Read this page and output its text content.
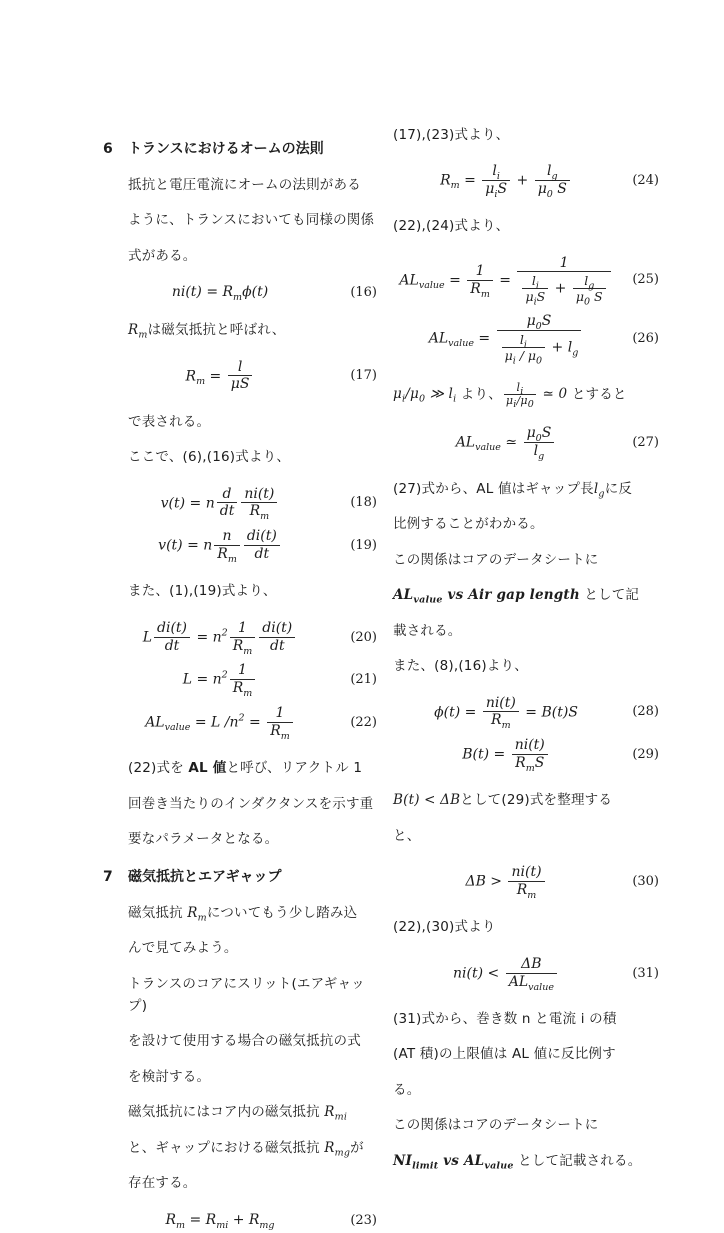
6	トランスにおけるオームの法則

抵抗と電圧電流にオームの法則がある

ように、トランスにおいても同様の関係

式がある。

$ni(t) = R_m\phi(t)$	(16)

$R_m$は磁気抵抗と呼ばれ、

$R_m = \frac{l}{\mu S}$	(17)

で表される。

ここで、(6),(16)式より、

v(t) = n $\frac{d}{dt} \frac{ni(t)}{R_m}$	(18)
v(t) = n $\frac{n}{R_m} \frac{di(t)}{dt}$	(19)

また、(1),(19)式より、

L $\frac{di(t)}{dt} = n^2 \frac{1}{R_m} \frac{di(t)}{dt}$	(20)
$L = n^2 \frac{1}{R_m}$	(21)
$AL_{value} = L$ $/n^2 = \frac{1}{R_m}$	(22)

(22)式を AL 値と呼び、リアクトル 1

回巻き当たりのインダクタンスを示す重

要なパラメータとなる。

7	磁気抵抗とエアギャップ

磁気抵抗 $R_m$についてもう少し踏み込

んで見てみよう。

トランスのコアにスリット(エアギャップ)

を設けて使用する場合の磁気抵抗の式

を検討する。

磁気抵抗にはコア内の磁気抵抗 $R_{mi}$

と、ギャップにおける磁気抵抗 $R_{mg}$が

存在する。

$R_m = R_{mi} + R_{mg}$	(23)

(17),(23)式より、

$R_m$ =
$l_i$
$\mu_iS$
+ $\frac{l_g}{\mu_0 S}$	(24)

(22),(24)式より、

$AL_{value} = \frac{1}{R_m}$ =
1
$l_i$
$\mu_iS + \frac{l_g}{\mu_0 S}$	(25)
$AL_{value}$ =
$\mu_0S$
$\frac{l_i}{\mu_i / \mu_0} + l_g$
(26)

$\mu_i/\mu_0$ ≫ $l_i$ より、 $\frac{l_i}{\mu_i/\mu_0}$ ≃ 0 とすると

$AL_{value}$ ≃ $\frac{\mu_0S}{l_g}$	(27)

(27)式から、AL 値はギャップ長$l_g$に反

比例することがわかる。

この関係はコアのデータシートに

$AL_{value}$ vs Air gap length として記

載される。

また、(8),(16)より、

$\phi(t) = \frac{ni(t)}{R_m} = B(t)S$	(28)
B(t) =
ni(t)
$R_mS$
(29)

B(t) < ΔBとして(29)式を整理する

と、

$\Delta B > \frac{ni(t)}{R_m}$	(30)

(22),(30)式より

ni(t) <
ΔB
$AL_{value}$
(31)

(31)式から、巻き数 n と電流 i の積

(AT 積)の上限値は AL 値に反比例す

る。

この関係はコアのデータシートに

$NI_{limit}$ vs $AL_{value}$ として記載される。
